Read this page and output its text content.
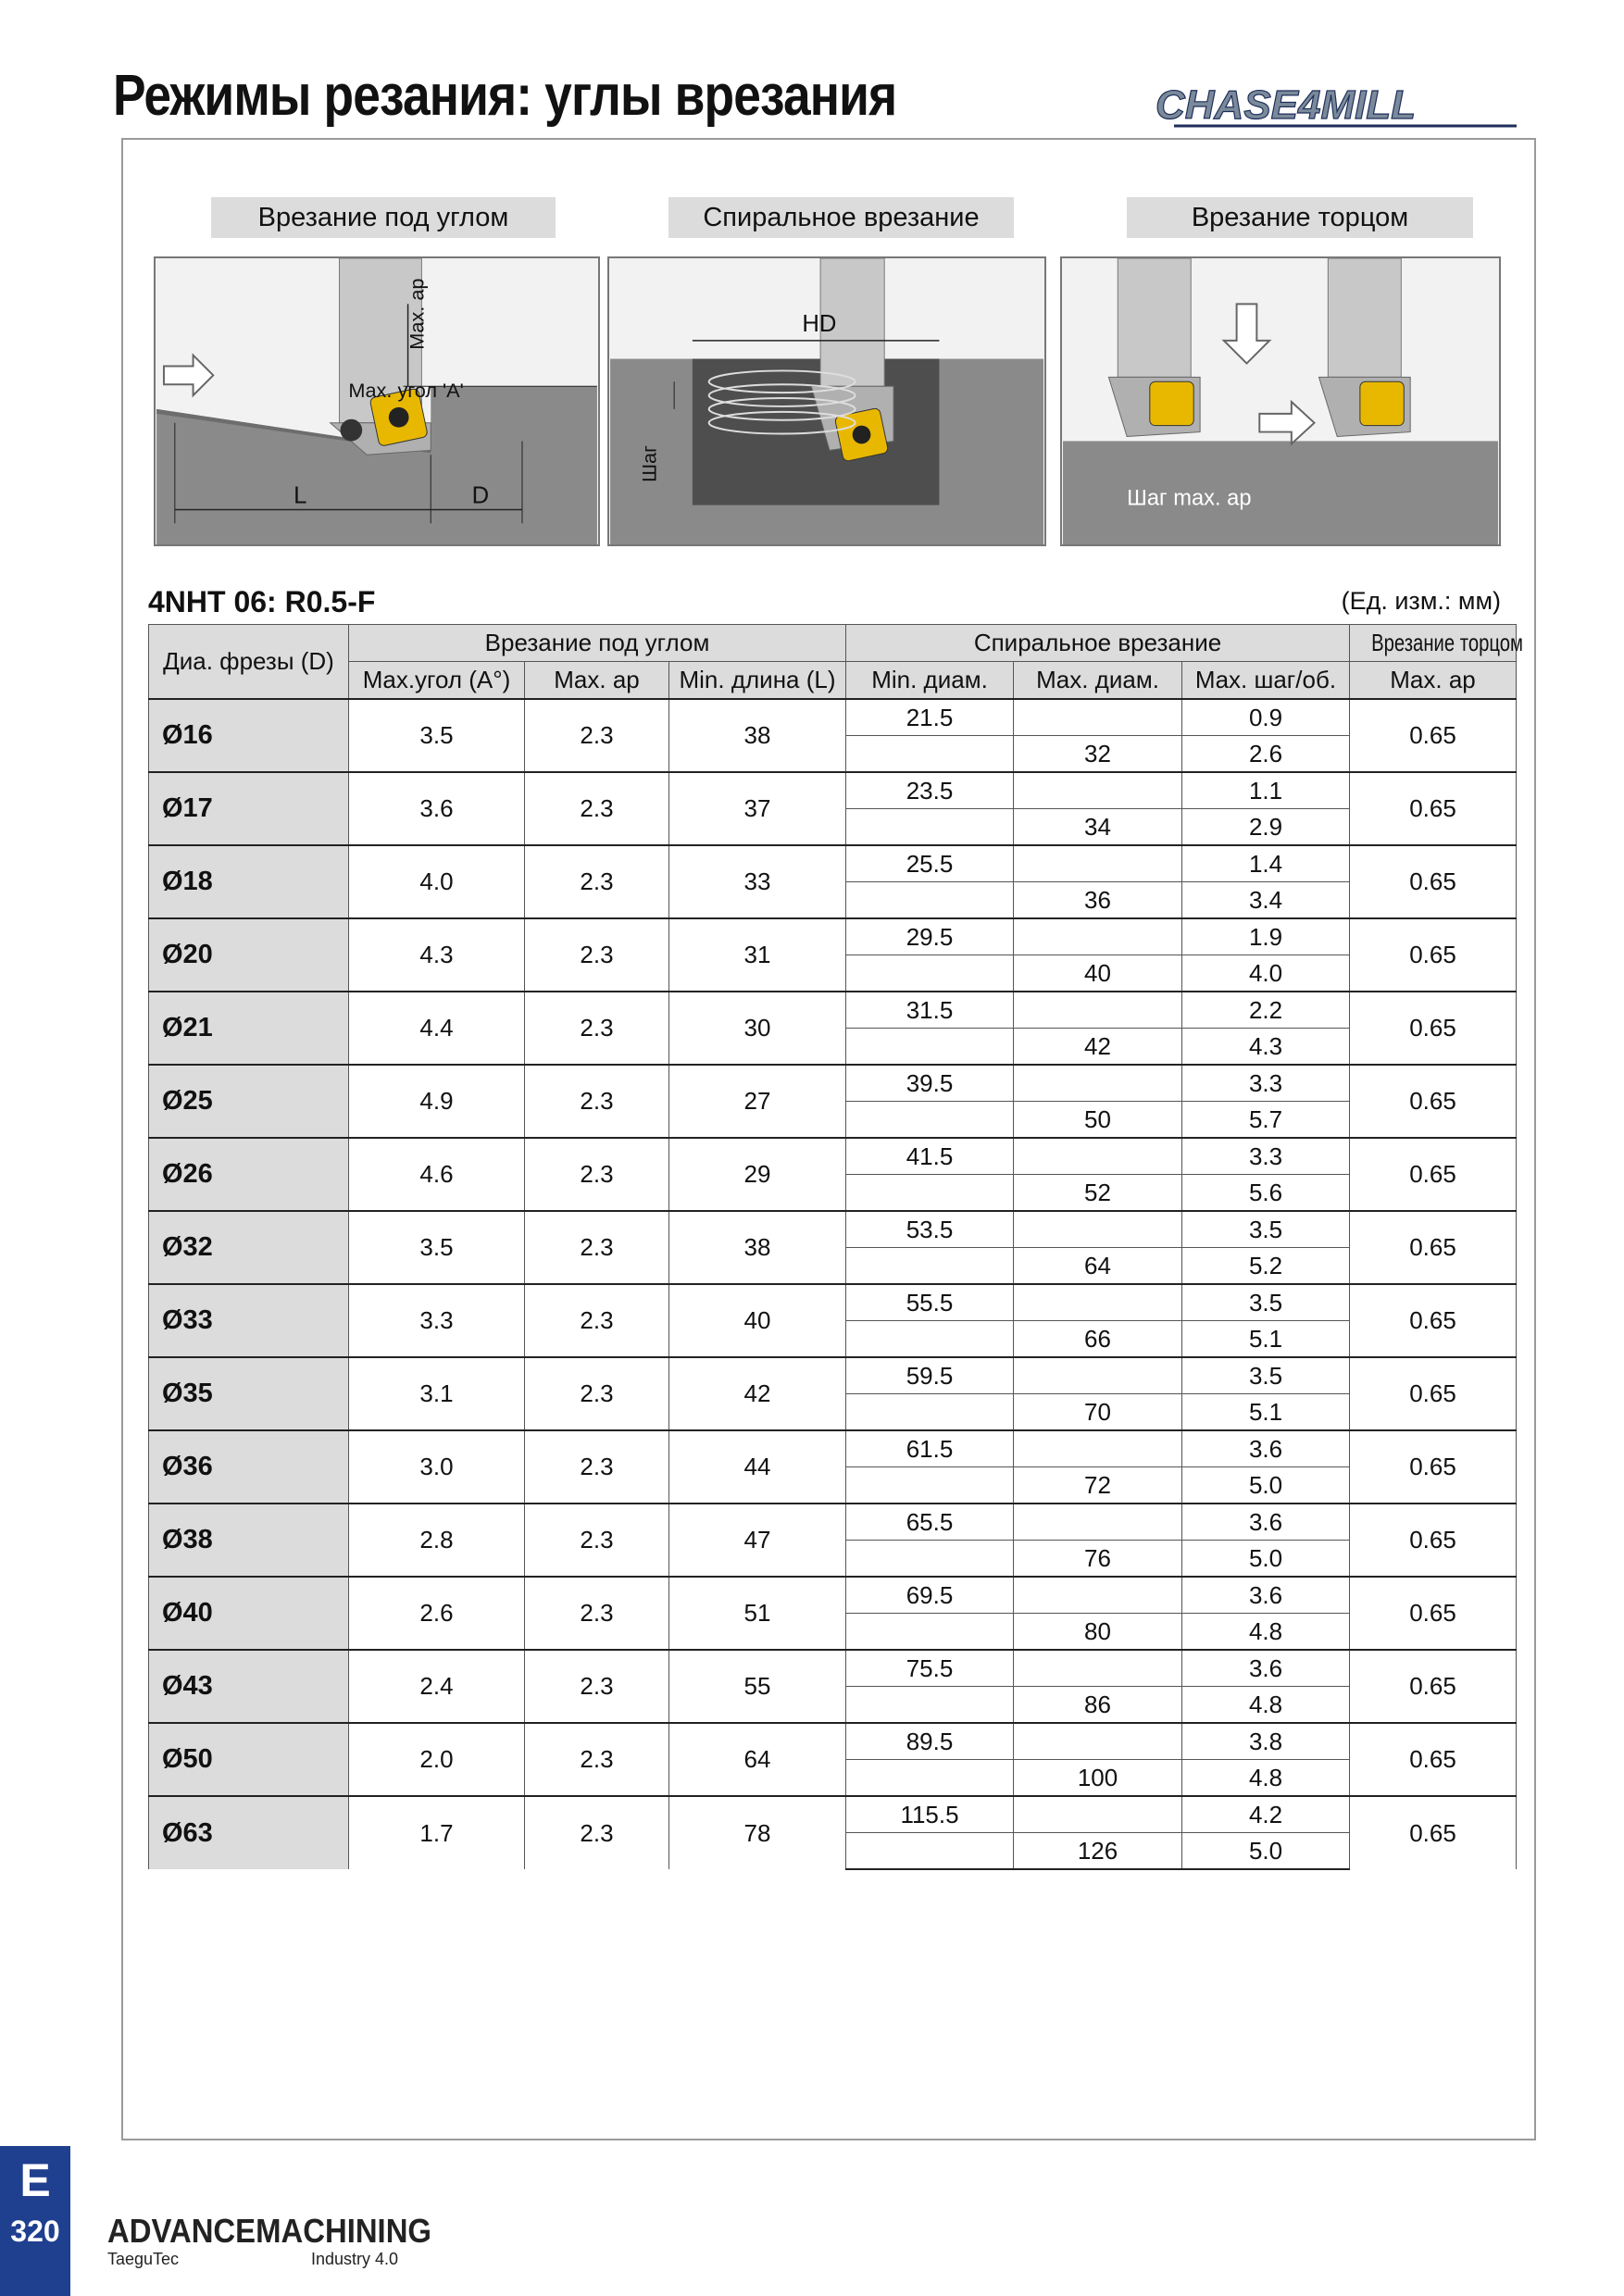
Режимы резания: углы врезания	CHASE4MILL
Врезание под углом	Спиральное врезание	Врезание торцом
Max. угол 'A'
Max. ap
L	D
HD
Шаг
Шаг max. ap
4NHT 06: R0.5-F	(Ед. изм.: мм)
Диа. фрезы (D)	Врезание под углом			Спиральное врезание			Врезание торцом
	Max.угол (A°)	Max. ap	Min. длина (L)	Min. диам.	Max. диам.	Max. шаг/об.	Max. ap
Ø16	3.5	2.3	38	21.5		0.9	0.65
					32	2.6	
Ø17	3.6	2.3	37	23.5		1.1	0.65
					34	2.9	
Ø18	4.0	2.3	33	25.5		1.4	0.65
					36	3.4	
Ø20	4.3	2.3	31	29.5		1.9	0.65
					40	4.0	
Ø21	4.4	2.3	30	31.5		2.2	0.65
					42	4.3	
Ø25	4.9	2.3	27	39.5		3.3	0.65
					50	5.7	
Ø26	4.6	2.3	29	41.5		3.3	0.65
					52	5.6	
Ø32	3.5	2.3	38	53.5		3.5	0.65
					64	5.2	
Ø33	3.3	2.3	40	55.5		3.5	0.65
					66	5.1	
Ø35	3.1	2.3	42	59.5		3.5	0.65
					70	5.1	
Ø36	3.0	2.3	44	61.5		3.6	0.65
					72	5.0	
Ø38	2.8	2.3	47	65.5		3.6	0.65
					76	5.0	
Ø40	2.6	2.3	51	69.5		3.6	0.65
					80	4.8	
Ø43	2.4	2.3	55	75.5		3.6	0.65
					86	4.8	
Ø50	2.0	2.3	64	89.5		3.8	0.65
					100	4.8	
Ø63	1.7	2.3	78	115.5		4.2	0.65
					126	5.0	
E
320	ADVANCEMACHINING
TaeguTec	Industry 4.0
